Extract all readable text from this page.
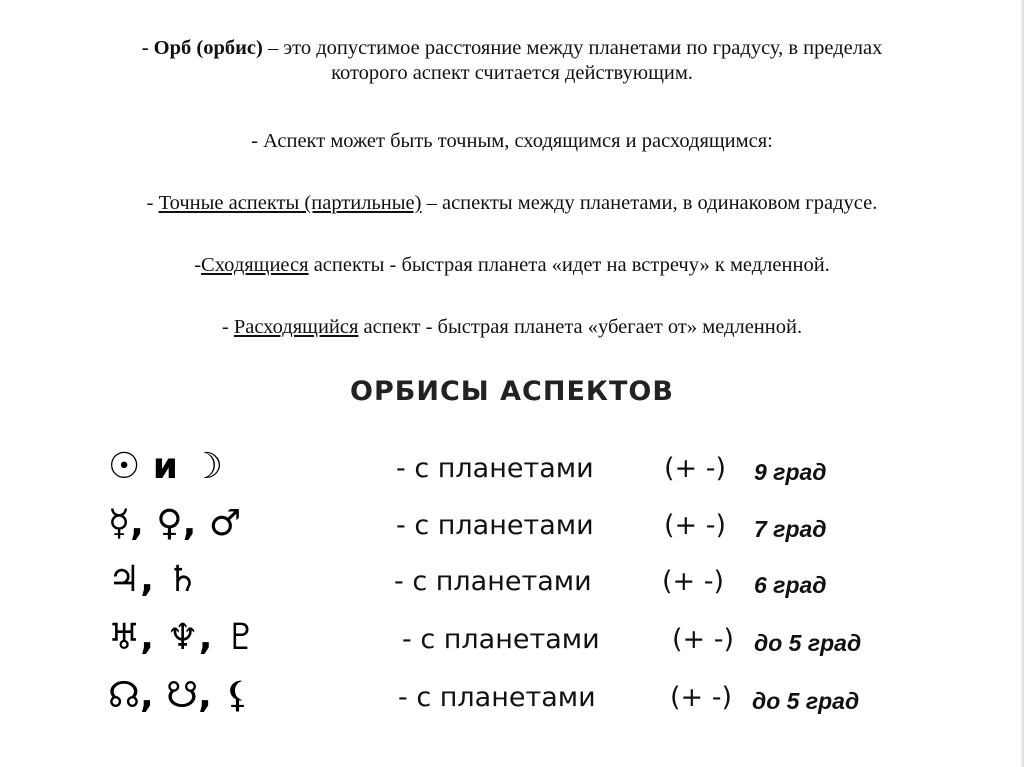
- Орб (орбис) – это допустимое расстояние между планетами по градусу, в пределах
которого аспект считается действующим.
- Аспект может быть точным, сходящимся и расходящимся:
- Точные аспекты (партильные) – аспекты между планетами, в одинаковом градусе.
-Сходящиеся аспекты - быстрая планета «идет на встречу» к медленной.
- Расходящийся аспект - быстрая планета «убегает от» медленной.
ОРБИСЫ АСПЕКТОВ
☉ и ☽	- с планетами	(+ -) 9 град
☿, ♀, ♂	- с планетами	(+ -) 7 град
♃, ♄	- с планетами	(+ -) 6 град
♅, ♆, ♇	- с планетами	(+ -) до 5 град
☊, ☋, ⚸	- с планетами	(+ -) до 5 град
